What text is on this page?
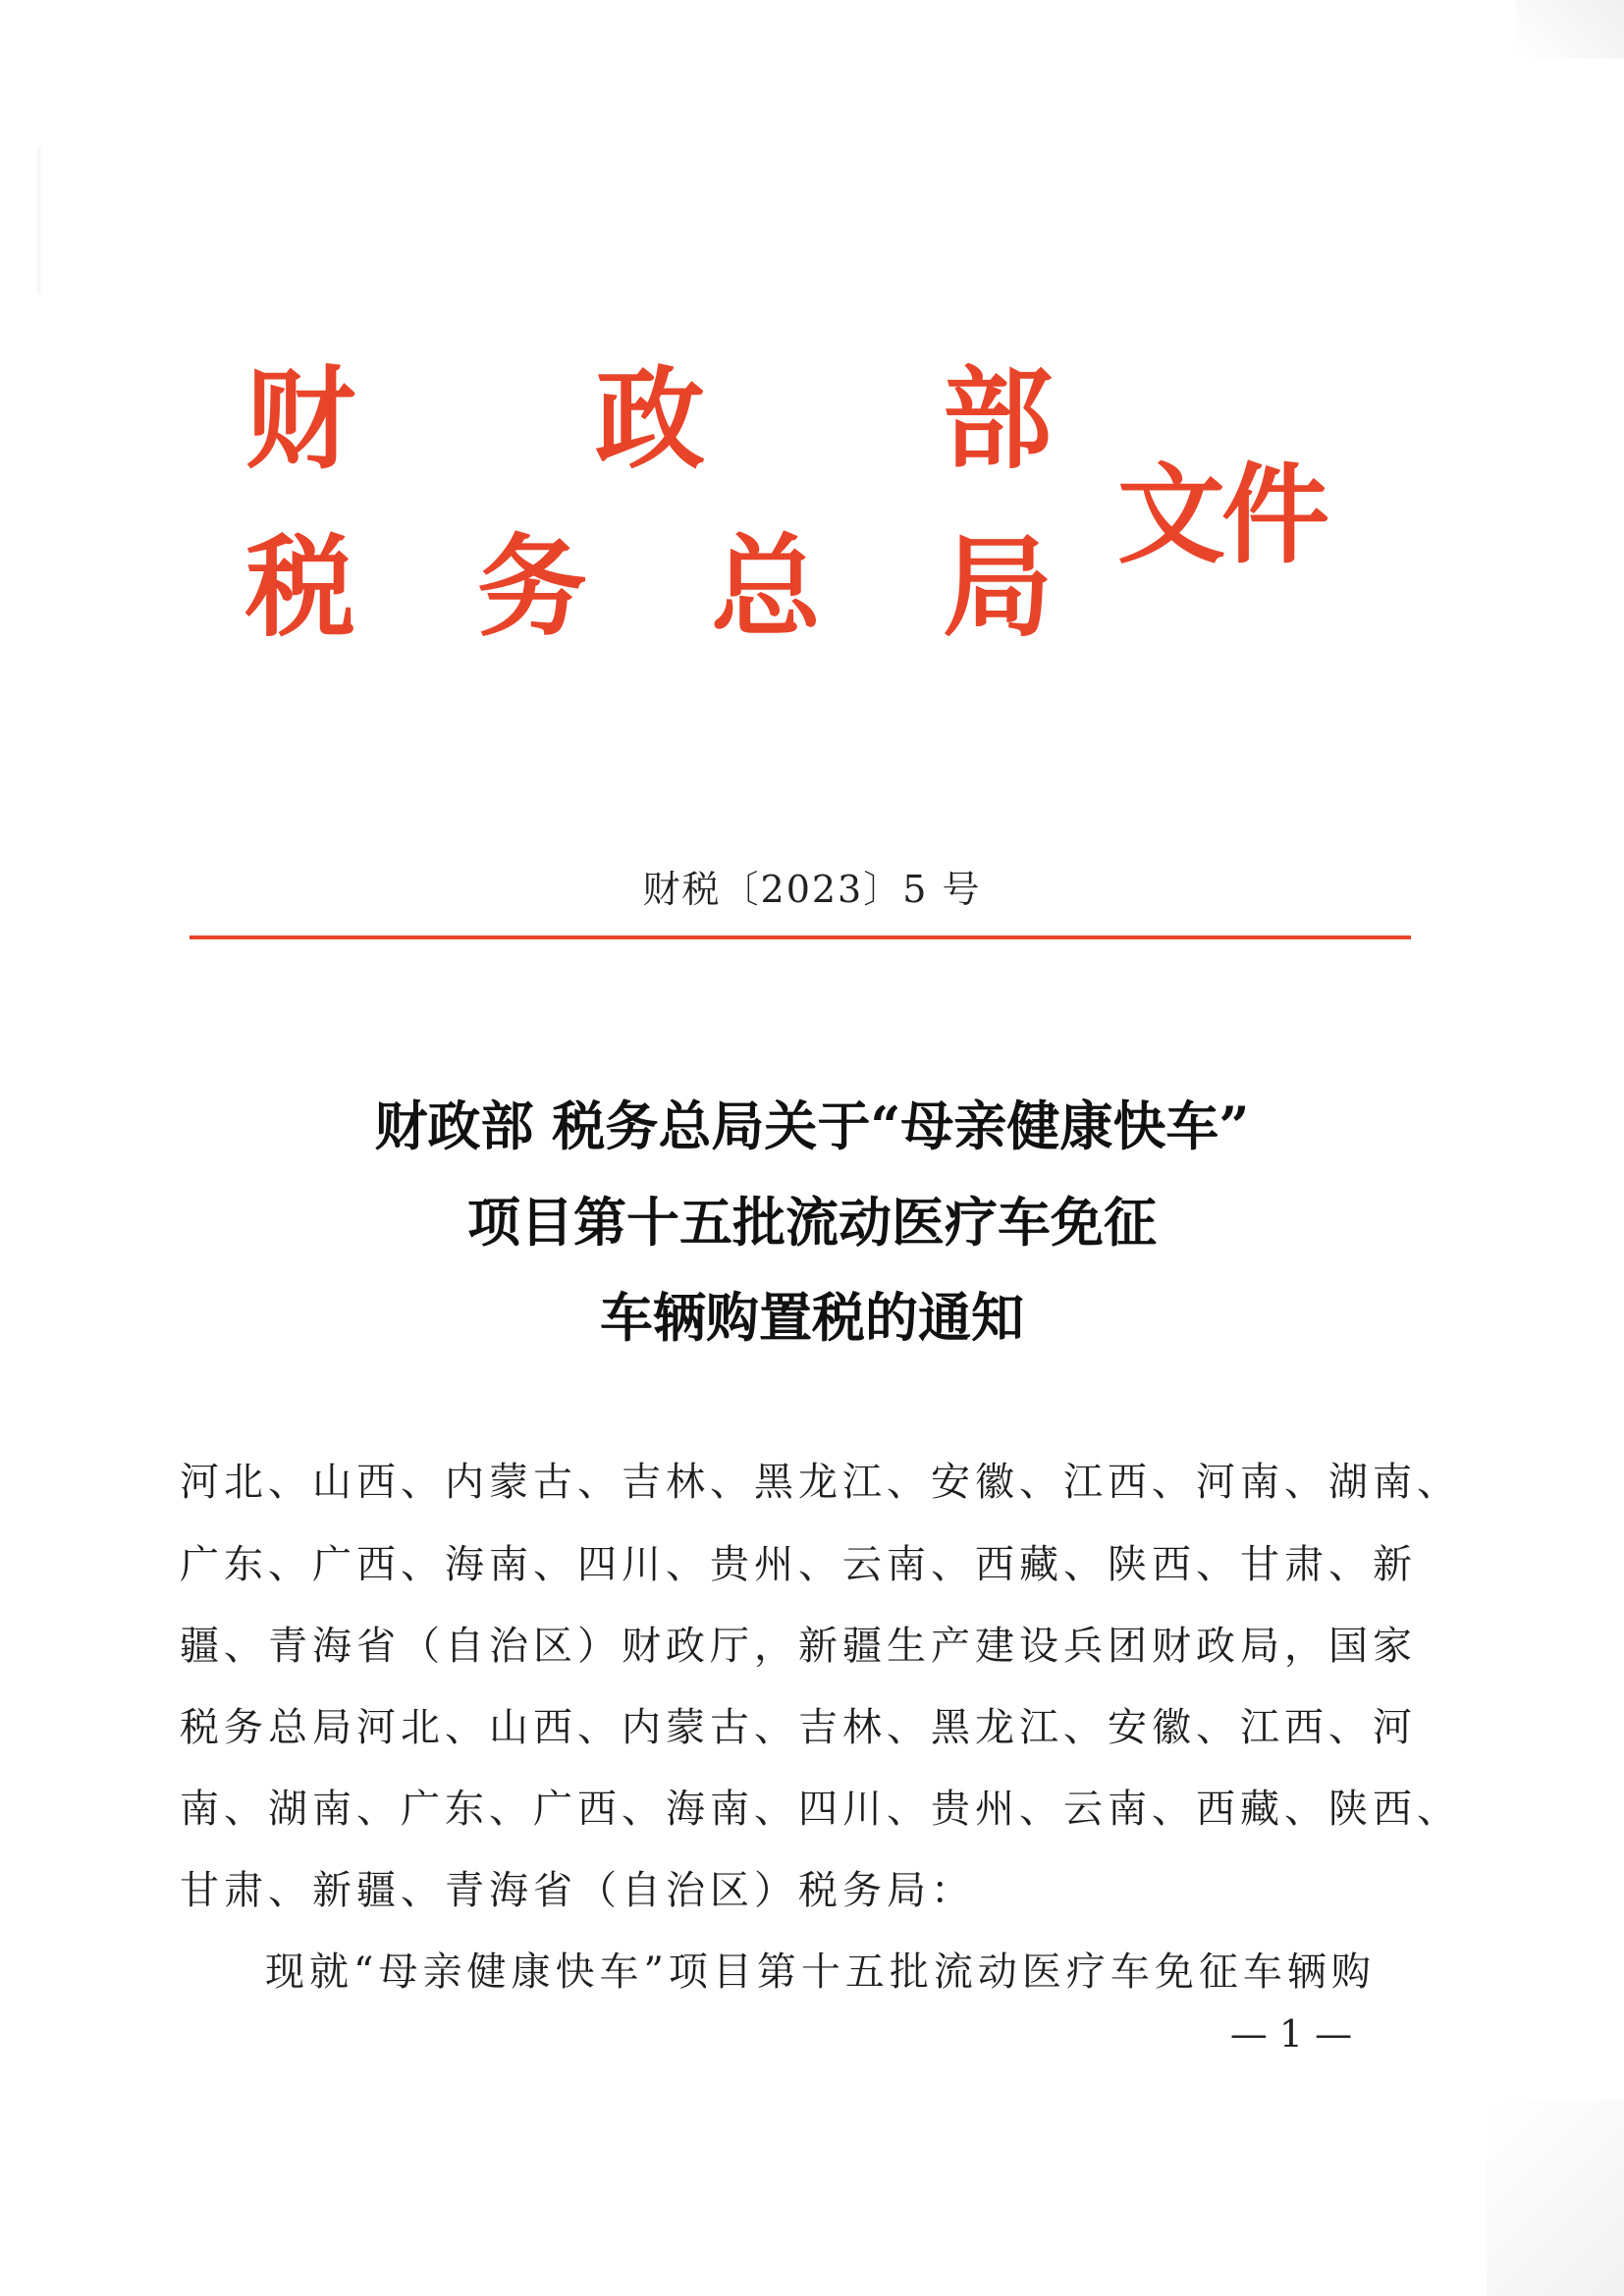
财 政 部
税 务 总 局
文件
财税〔2023〕5 号
财政部 税务总局关于“母亲健康快车”
项目第十五批流动医疗车免征
车辆购置税的通知
河北、山西、内蒙古、吉林、黑龙江、安徽、江西、河南、湖南、
广东、广西、海南、四川、贵州、云南、西藏、陕西、甘肃、新
疆、青海省（自治区）财政厅，新疆生产建设兵团财政局，国家
税务总局河北、山西、内蒙古、吉林、黑龙江、安徽、江西、河
南、湖南、广东、广西、海南、四川、贵州、云南、西藏、陕西、
甘肃、新疆、青海省（自治区）税务局：
现就“母亲健康快车”项目第十五批流动医疗车免征车辆购
— 1 —
